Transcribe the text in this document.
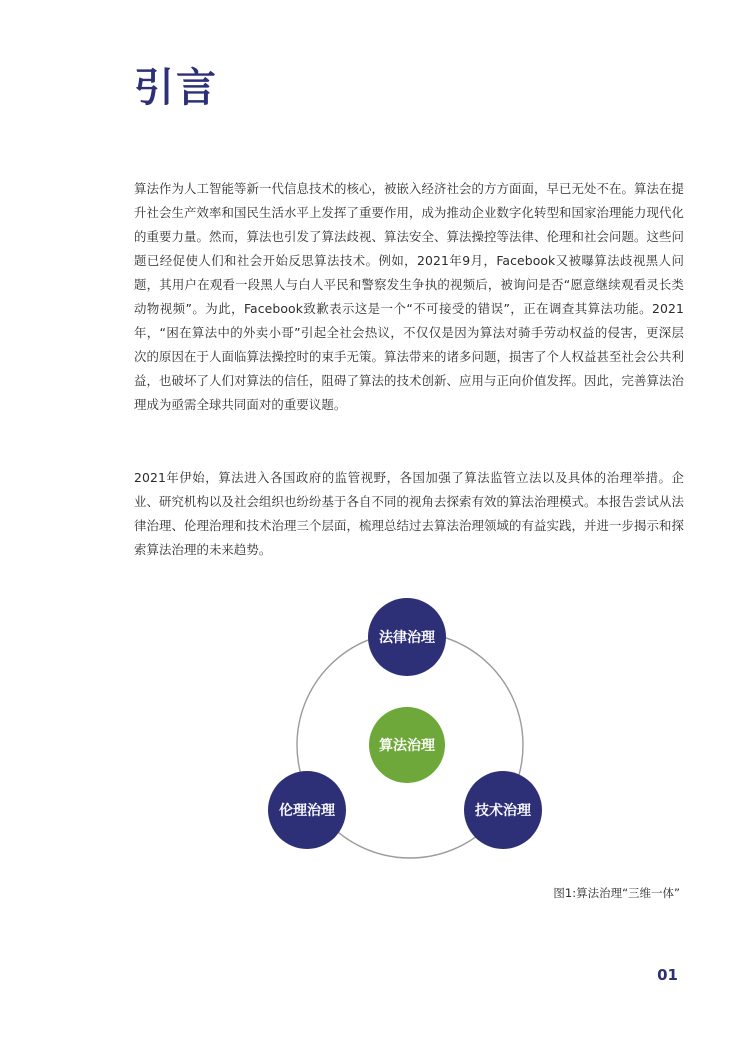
引言

算法作为人工智能等新一代信息技术的核心，被嵌入经济社会的方方面面，早已无处不在。算法在提升社会生产效率和国民生活水平上发挥了重要作用，成为推动企业数字化转型和国家治理能力现代化的重要力量。然而，算法也引发了算法歧视、算法安全、算法操控等法律、伦理和社会问题。这些问题已经促使人们和社会开始反思算法技术。例如，2021年9月，Facebook又被曝算法歧视黑人问题，其用户在观看一段黑人与白人平民和警察发生争执的视频后，被询问是否“愿意继续观看灵长类动物视频”。为此，Facebook致歉表示这是一个“不可接受的错误”，正在调查其算法功能。2021年，“困在算法中的外卖小哥”引起全社会热议，不仅仅是因为算法对骑手劳动权益的侵害，更深层次的原因在于人面临算法操控时的束手无策。算法带来的诸多问题，损害了个人权益甚至社会公共利益，也破坏了人们对算法的信任，阻碍了算法的技术创新、应用与正向价值发挥。因此，完善算法治理成为亟需全球共同面对的重要议题。

2021年伊始，算法进入各国政府的监管视野，各国加强了算法监管立法以及具体的治理举措。企业、研究机构以及社会组织也纷纷基于各自不同的视角去探索有效的算法治理模式。本报告尝试从法律治理、伦理治理和技术治理三个层面，梳理总结过去算法治理领域的有益实践，并进一步揭示和探索算法治理的未来趋势。

法律治理
算法治理
伦理治理	技术治理

图1:算法治理“三维一体”

01
